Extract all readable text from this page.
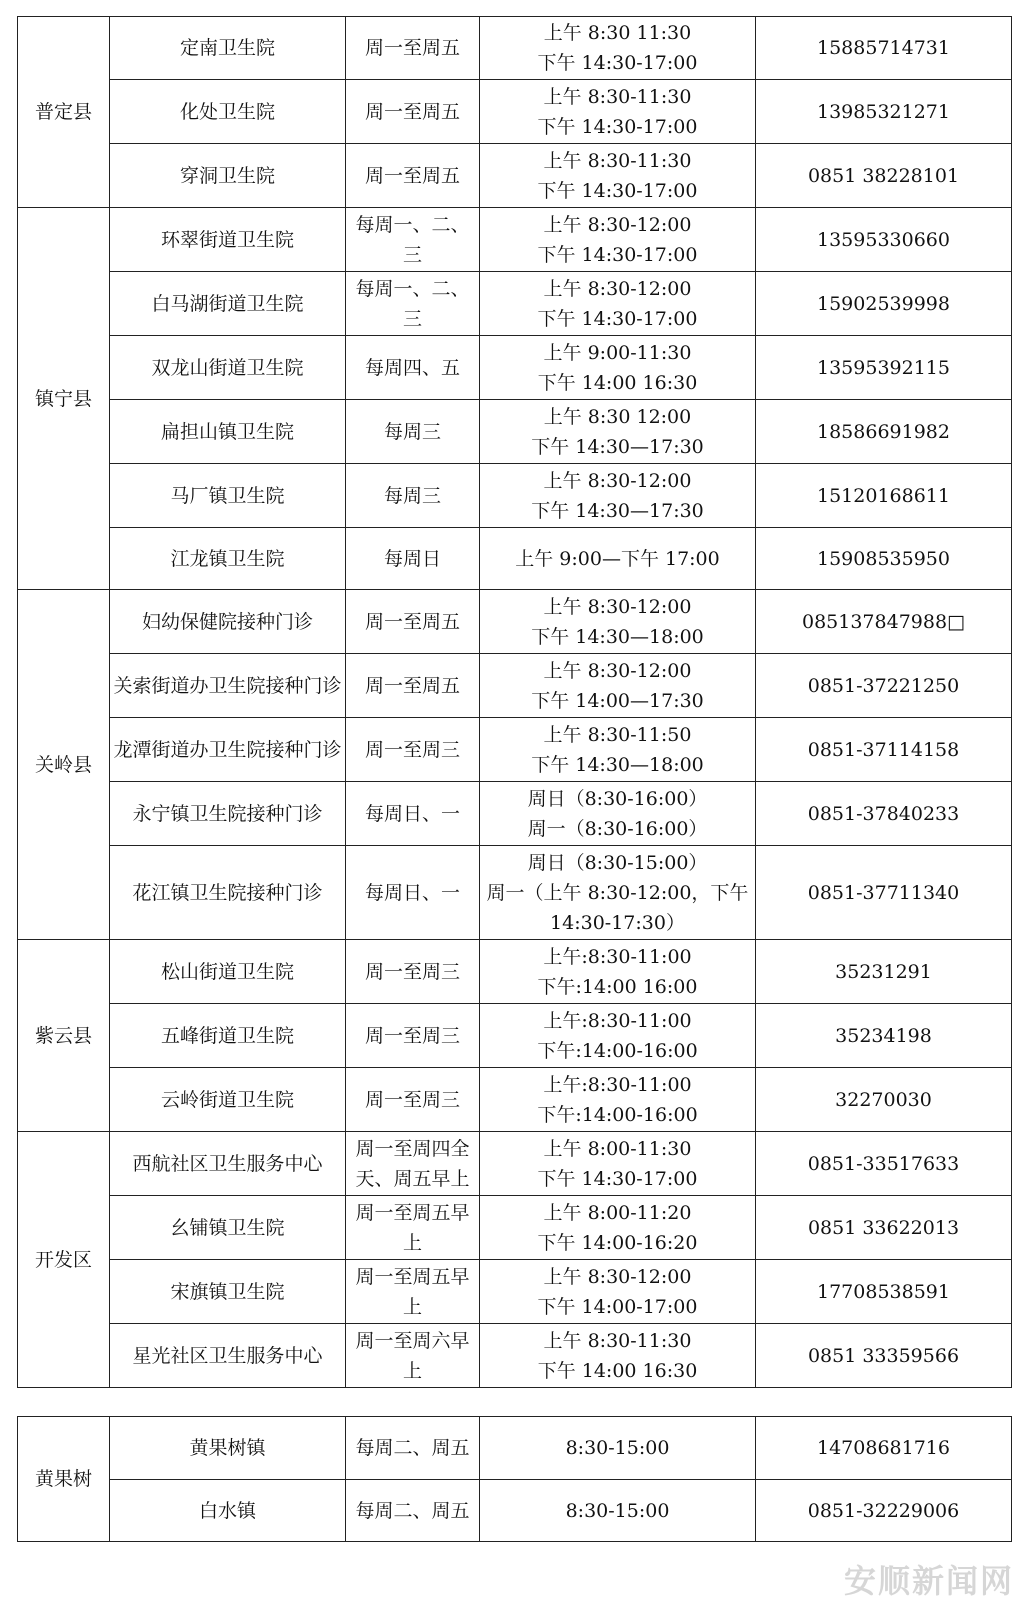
普定县	定南卫生院	周一至周五	上午 8:30 11:30
下午 14:30-17:00	15885714731
	化处卫生院	周一至周五	上午 8:30-11:30
下午 14:30-17:00	13985321271
	穿洞卫生院	周一至周五	上午 8:30-11:30
下午 14:30-17:00	0851 38228101
镇宁县	环翠街道卫生院	每周一、二、三	上午 8:30-12:00
下午 14:30-17:00	13595330660
	白马湖街道卫生院	每周一、二、三	上午 8:30-12:00
下午 14:30-17:00	15902539998
	双龙山街道卫生院	每周四、五	上午 9:00-11:30
下午 14:00 16:30	13595392115
	扁担山镇卫生院	每周三	上午 8:30 12:00
下午 14:30—17:30	18586691982
	马厂镇卫生院	每周三	上午 8:30-12:00
下午 14:30—17:30	15120168611
	江龙镇卫生院	每周日	上午 9:00—下午 17:00	15908535950
关岭县	妇幼保健院接种门诊	周一至周五	上午 8:30-12:00
下午 14:30—18:00	085137847988□
	关索街道办卫生院接种门诊	周一至周五	上午 8:30-12:00
下午 14:00—17:30	0851-37221250
	龙潭街道办卫生院接种门诊	周一至周三	上午 8:30-11:50
下午 14:30—18:00	0851-37114158
	永宁镇卫生院接种门诊	每周日、一	周日（8:30-16:00）
周一（8:30-16:00）	0851-37840233
	花江镇卫生院接种门诊	每周日、一	周日（8:30-15:00）
周一（上午 8:30-12:00，下午
14:30-17:30）	0851-37711340
紫云县	松山街道卫生院	周一至周三	上午:8:30-11:00
下午:14:00 16:00	35231291
	五峰街道卫生院	周一至周三	上午:8:30-11:00
下午:14:00-16:00	35234198
	云岭街道卫生院	周一至周三	上午:8:30-11:00
下午:14:00-16:00	32270030
开发区	西航社区卫生服务中心	周一至周四全天、周五早上	上午 8:00-11:30
下午 14:30-17:00	0851-33517633
	幺铺镇卫生院	周一至周五早上	上午 8:00-11:20
下午 14:00-16:20	0851 33622013
	宋旗镇卫生院	周一至周五早上	上午 8:30-12:00
下午 14:00-17:00	17708538591
	星光社区卫生服务中心	周一至周六早上	上午 8:30-11:30
下午 14:00 16:30	0851 33359566
黄果树	黄果树镇	每周二、周五	8:30-15:00	14708681716
	白水镇	每周二、周五	8:30-15:00	0851-32229006
安顺新闻网
